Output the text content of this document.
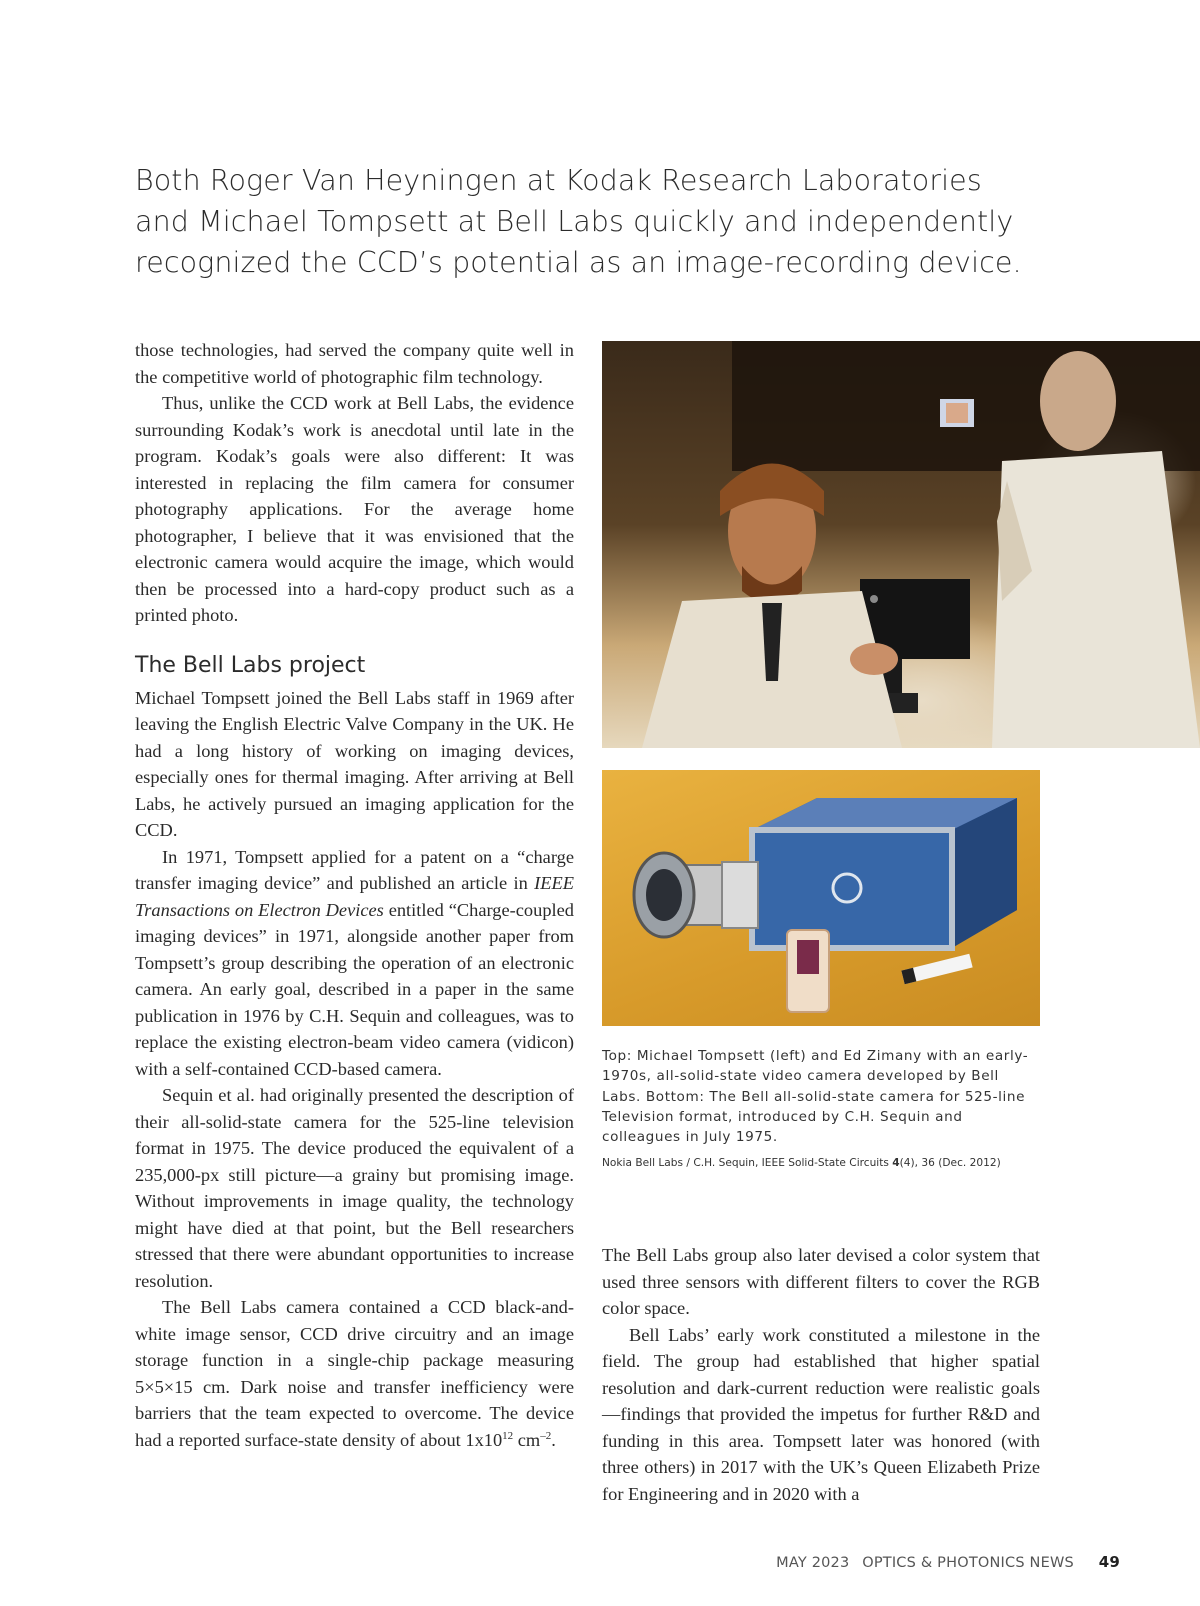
Both Roger Van Heyningen at Kodak Research Laboratories
and Michael Tompsett at Bell Labs quickly and independently
recognized the CCD’s potential as an image-recording device.

those technologies, had served the company quite well in the competitive world of photographic film technology.

Thus, unlike the CCD work at Bell Labs, the evidence surrounding Kodak’s work is anecdotal until late in the program. Kodak’s goals were also different: It was interested in replacing the film camera for consumer photography applications. For the average home photographer, I believe that it was envisioned that the electronic camera would acquire the image, which would then be processed into a hard-copy product such as a printed photo.

The Bell Labs project

Michael Tompsett joined the Bell Labs staff in 1969 after leaving the English Electric Valve Company in the UK. He had a long history of working on imaging devices, especially ones for thermal imaging. After arriving at Bell Labs, he actively pursued an imaging application for the CCD.

In 1971, Tompsett applied for a patent on a “charge transfer imaging device” and published an article in IEEE Transactions on Electron Devices entitled “Charge-coupled imaging devices” in 1971, alongside another paper from Tompsett’s group describing the operation of an electronic camera. An early goal, described in a paper in the same publication in 1976 by C.H. Sequin and colleagues, was to replace the existing electron-beam video camera (vidicon) with a self-contained CCD-based camera.

Sequin et al. had originally presented the description of their all-solid-state camera for the 525-line television format in 1975. The device produced the equivalent of a 235,000-px still picture—a grainy but promising image. Without improvements in image quality, the technology might have died at that point, but the Bell researchers stressed that there were abundant opportunities to increase resolution.

The Bell Labs camera contained a CCD black-and-white image sensor, CCD drive circuitry and an image storage function in a single-chip package measuring 5×5×15 cm. Dark noise and transfer inefficiency were barriers that the team expected to overcome. The device had a reported surface-state density of about $1x10^{12}$ $cm^{-2}$.

Top: Michael Tompsett (left) and Ed Zimany with an early-1970s, all-solid-state video camera developed by Bell Labs. Bottom: The Bell all-solid-state camera for 525-line Television format, introduced by C.H. Sequin and colleagues in July 1975.
Nokia Bell Labs / C.H. Sequin, IEEE Solid-State Circuits 4(4), 36 (Dec. 2012)

The Bell Labs group also later devised a color system that used three sensors with different filters to cover the RGB color space.

Bell Labs’ early work constituted a milestone in the field. The group had established that higher spatial resolution and dark-current reduction were realistic goals—findings that provided the impetus for further R&D and funding in this area. Tompsett later was honored (with three others) in 2017 with the UK’s Queen Elizabeth Prize for Engineering and in 2020 with a

MAY 2023 OPTICS & PHOTONICS NEWS 49
